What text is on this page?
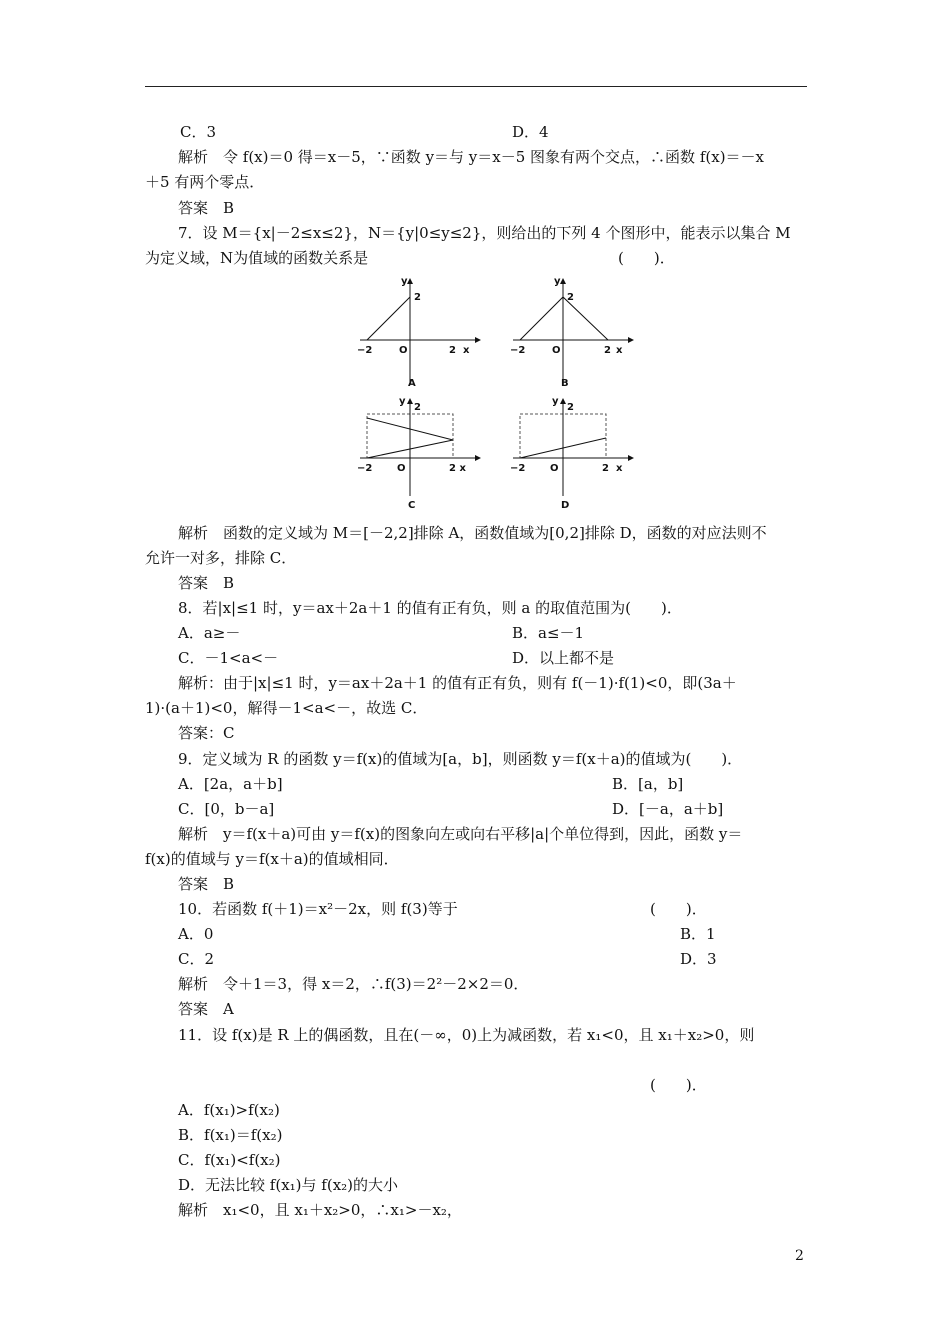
C．3	D．4
解析　令 f(x)＝0 得＝x－5，∵函数 y＝与 y＝x－5 图象有两个交点，∴函数 f(x)＝－x
＋5 有两个零点．
答案　B
7．设 M＝{x|－2≤x≤2}，N＝{y|0≤y≤2}，则给出的下列 4 个图形中，能表示以集合 M
为定义域，N为值域的函数关系是	(　　)．
y
2
−2	O	2 x
A
y
2
−2	O	2 x
B
y
2
−2 O	2 x
C
y
2
−2 O	2 x
D
解析　函数的定义域为 M＝[－2,2]排除 A，函数值域为[0,2]排除 D，函数的对应法则不
允许一对多，排除 C．
答案　B
8．若|x|≤1 时，y＝ax＋2a＋1 的值有正有负，则 a 的取值范围为(　　)．
A．a≥－	B．a≤－1
C．－1<a<－	D．以上都不是
解析：由于|x|≤1 时，y＝ax＋2a＋1 的值有正有负，则有 f(－1)·f(1)<0，即(3a＋
1)·(a＋1)<0，解得－1<a<－，故选 C．
答案：C
9．定义域为 R 的函数 y＝f(x)的值域为[a，b]，则函数 y＝f(x＋a)的值域为(　　)．
A．[2a，a＋b]	B．[a，b]
C．[0，b－a]	D．[－a，a＋b]
解析　y＝f(x＋a)可由 y＝f(x)的图象向左或向右平移|a|个单位得到，因此，函数 y＝
f(x)的值域与 y＝f(x＋a)的值域相同．
答案　B
10．若函数 f(＋1)＝x²－2x，则 f(3)等于	(　　)．
A．0	B．1
C．2	D．3
解析　令＋1＝3，得 x＝2，∴f(3)＝2²－2×2＝0．
答案　A
11．设 f(x)是 R 上的偶函数，且在(－∞，0)上为减函数，若 x₁<0，且 x₁＋x₂>0，则
(　　)．
A．f(x₁)>f(x₂)
B．f(x₁)＝f(x₂)
C．f(x₁)<f(x₂)
D．无法比较 f(x₁)与 f(x₂)的大小
解析　x₁<0，且 x₁＋x₂>0，∴x₁>－x₂，
2
